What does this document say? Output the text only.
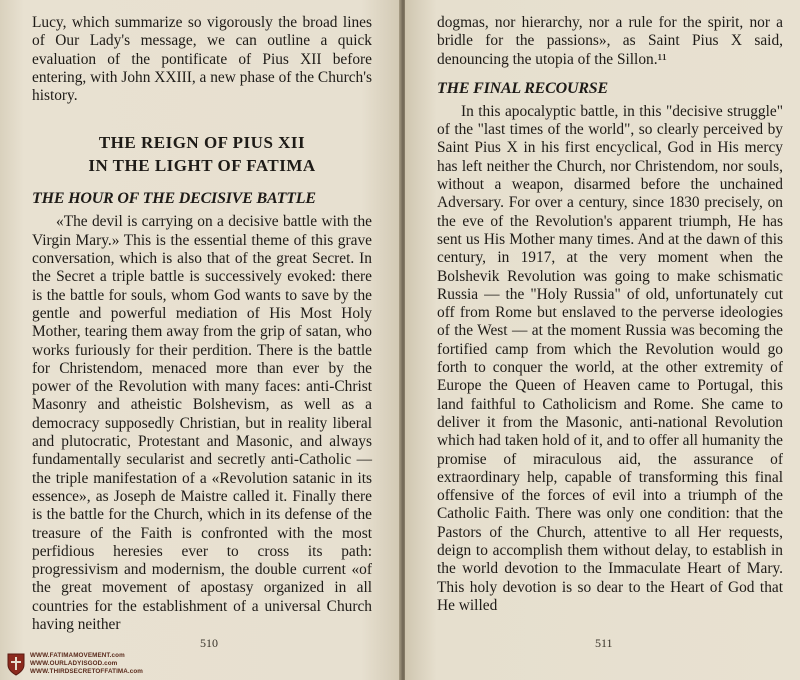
Lucy, which summarize so vigorously the broad lines of Our Lady's message, we can outline a quick evaluation of the pontificate of Pius XII before entering, with John XXIII, a new phase of the Church's history.

THE REIGN OF PIUS XII
IN THE LIGHT OF FATIMA
THE HOUR OF THE DECISIVE BATTLE

«The devil is carrying on a decisive battle with the Virgin Mary.» This is the essential theme of this grave conversation, which is also that of the great Secret. In the Secret a triple battle is successively evoked: there is the battle for souls, whom God wants to save by the gentle and powerful mediation of His Most Holy Mother, tearing them away from the grip of satan, who works furiously for their perdition. There is the battle for Christendom, menaced more than ever by the power of the Revolution with many faces: anti-Christ Masonry and atheistic Bolshevism, as well as a democracy supposedly Christian, but in reality liberal and plutocratic, Protestant and Masonic, and always fundamentally secularist and secretly anti-Catholic — the triple manifestation of a «Revolution satanic in its essence», as Joseph de Maistre called it. Finally there is the battle for the Church, which in its defense of the treasure of the Faith is confronted with the most perfidious heresies ever to cross its path: progressivism and modernism, the double current «of the great movement of apostasy organized in all countries for the establishment of a universal Church having neither

510

dogmas, nor hierarchy, nor a rule for the spirit, nor a bridle for the passions», as Saint Pius X said, denouncing the utopia of the Sillon.¹¹

THE FINAL RECOURSE

In this apocalyptic battle, in this "decisive struggle" of the "last times of the world", so clearly perceived by Saint Pius X in his first encyclical, God in His mercy has left neither the Church, nor Christendom, nor souls, without a weapon, disarmed before the unchained Adversary. For over a century, since 1830 precisely, on the eve of the Revolution's apparent triumph, He has sent us His Mother many times. And at the dawn of this century, in 1917, at the very moment when the Bolshevik Revolution was going to make schismatic Russia — the "Holy Russia" of old, unfortunately cut off from Rome but enslaved to the perverse ideologies of the West — at the moment Russia was becoming the fortified camp from which the Revolution would go forth to conquer the world, at the other extremity of Europe the Queen of Heaven came to Portugal, this land faithful to Catholicism and Rome. She came to deliver it from the Masonic, anti-national Revolution which had taken hold of it, and to offer all humanity the promise of miraculous aid, the assurance of extraordinary help, capable of transforming this final offensive of the forces of evil into a triumph of the Catholic Faith. There was only one condition: that the Pastors of the Church, attentive to all Her requests, deign to accomplish them without delay, to establish in the world devotion to the Immaculate Heart of Mary. This holy devotion is so dear to the Heart of God that He willed

511
WWW.FATIMAMOVEMENT.com
WWW.OURLADYISGOD.com
WWW.THIRDSECRETOFFATIMA.com
